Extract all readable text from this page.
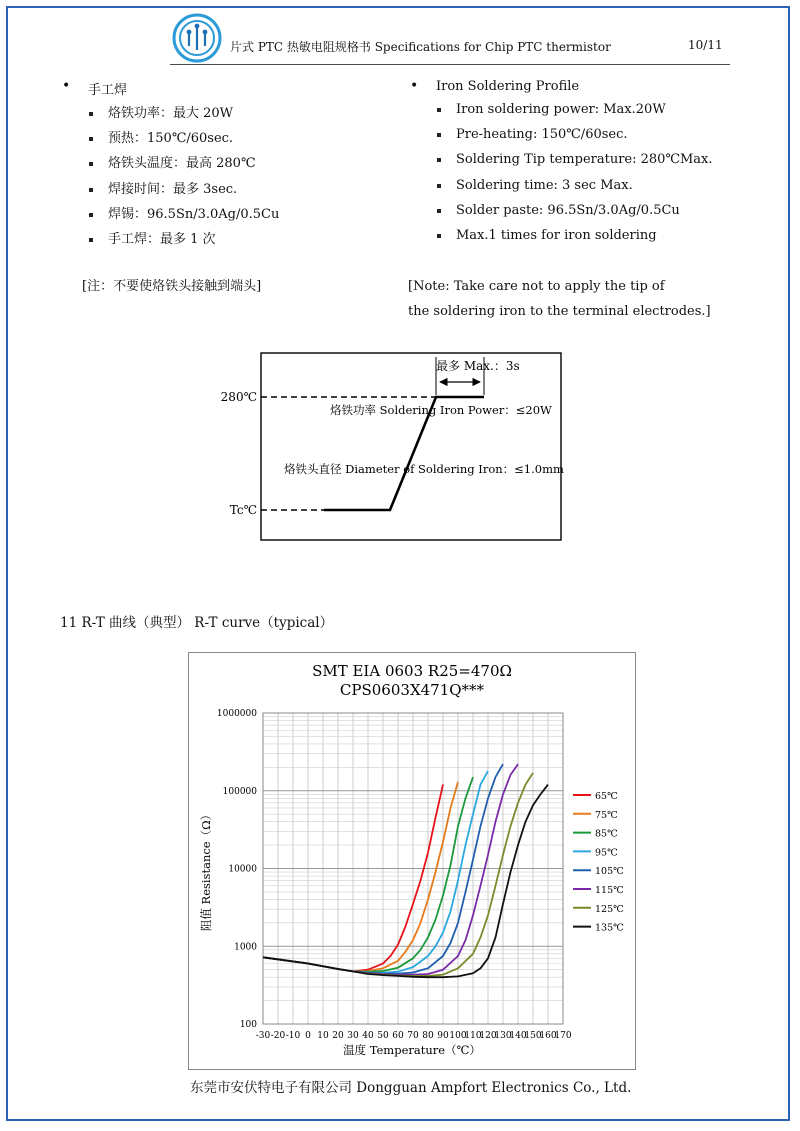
片式 PTC 热敏电阻规格书 Specifications for Chip PTC thermistor	10/11
• 手工焊
烙铁功率：最大 20W
预热：150℃/60sec.
烙铁头温度：最高 280℃
焊接时间：最多 3sec.
焊锡：96.5Sn/3.0Ag/0.5Cu
手工焊：最多 1 次
[注：不要使烙铁头接触到端头]
• Iron Soldering Profile
Iron soldering power: Max.20W
Pre-heating: 150℃/60sec.
Soldering Tip temperature: 280℃Max.
Soldering time: 3 sec Max.
Solder paste: 96.5Sn/3.0Ag/0.5Cu
Max.1 times for iron soldering
[Note: Take care not to apply the tip of
the soldering iron to the terminal electrodes.]
280℃
Tc℃
最多 Max.：3s
烙铁功率 Soldering Iron Power：≤20W
烙铁头直径 Diameter of Soldering Iron：≤1.0mm
11 R-T 曲线（典型） R-T curve（typical）
SMT EIA 0603 R25=470Ω
CPS0603X471Q***
-30 -20 -10 0 10 20 30 40 50 60 70 80 90 100
110
120
130
140
150
160
170
100
1000
10000
100000
1000000
65℃
75℃
85℃
95℃
105℃
115℃
125℃
135℃
温度 Temperature（℃）
阻值 Resistance（Ω）
东莞市安伏特电子有限公司 Dongguan Ampfort Electronics Co., Ltd.
